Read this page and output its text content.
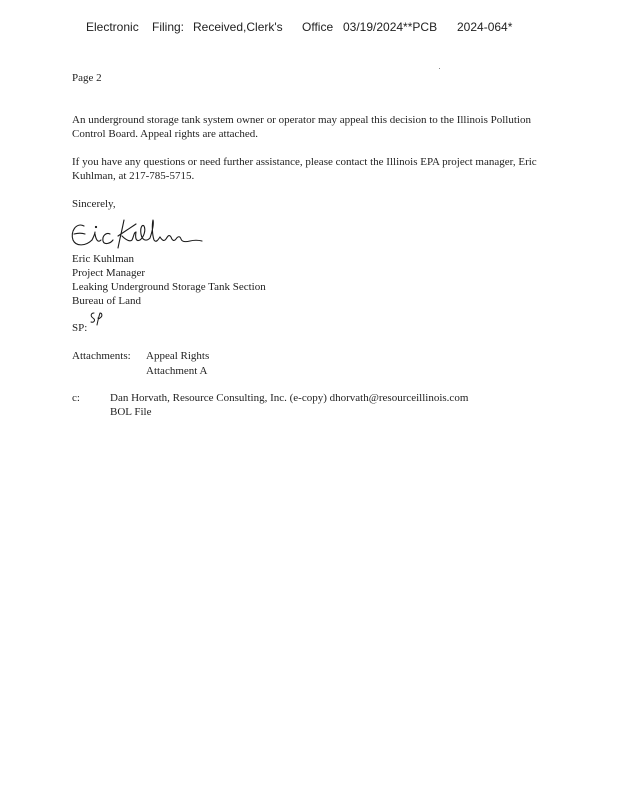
Electronic Filing: Received,Clerk's Office 03/19/2024**PCB 2024-064*
Page 2
An underground storage tank system owner or operator may appeal this decision to the Illinois Pollution Control Board. Appeal rights are attached.
If you have any questions or need further assistance, please contact the Illinois EPA project manager, Eric Kuhlman, at 217-785-5715.
Sincerely,
Eric Kuhlman
Project Manager
Leaking Underground Storage Tank Section
Bureau of Land
SP:
Attachments: Appeal Rights
Attachment A
c:	Dan Horvath, Resource Consulting, Inc. (e-copy) dhorvath@resourceillinois.com
BOL File
